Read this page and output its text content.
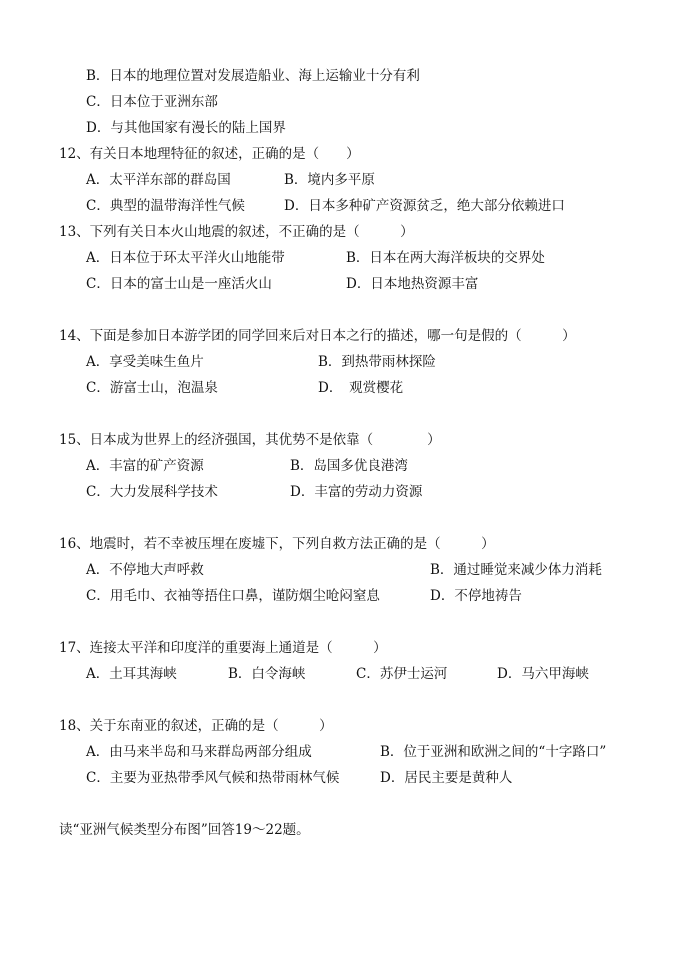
B．日本的地理位置对发展造船业、海上运输业十分有利
C．日本位于亚洲东部
D．与其他国家有漫长的陆上国界
12、有关日本地理特征的叙述，正确的是（　　）
A．太平洋东部的群岛国	B．境内多平原
C．典型的温带海洋性气候	D．日本多种矿产资源贫乏，绝大部分依赖进口
13、下列有关日本火山地震的叙述，不正确的是（　　　）
A．日本位于环太平洋火山地能带	B．日本在两大海洋板块的交界处
C．日本的富士山是一座活火山	D．日本地热资源丰富
14、下面是参加日本游学团的同学回来后对日本之行的描述，哪一句是假的（　　　）
A．享受美味生鱼片	B．到热带雨林探险
C．游富士山，泡温泉	D．　观赏樱花
15、日本成为世界上的经济强国，其优势不是依靠（　　　　）
A．丰富的矿产资源	B．岛国多优良港湾
C．大力发展科学技术	D．丰富的劳动力资源
16、地震时，若不幸被压埋在废墟下，下列自救方法正确的是（　　　）
A．不停地大声呼救	B．通过睡觉来减少体力消耗
C．用毛巾、衣袖等捂住口鼻，谨防烟尘呛闷窒息	D．不停地祷告
17、连接太平洋和印度洋的重要海上通道是（　　　）
A．土耳其海峡	B．白令海峡	C．苏伊士运河	D．马六甲海峡
18、关于东南亚的叙述，正确的是（　　　）
A．由马来半岛和马来群岛两部分组成	B．位于亚洲和欧洲之间的“十字路口”
C．主要为亚热带季风气候和热带雨林气候	D．居民主要是黄种人
读“亚洲气候类型分布图”回答19～22题。
